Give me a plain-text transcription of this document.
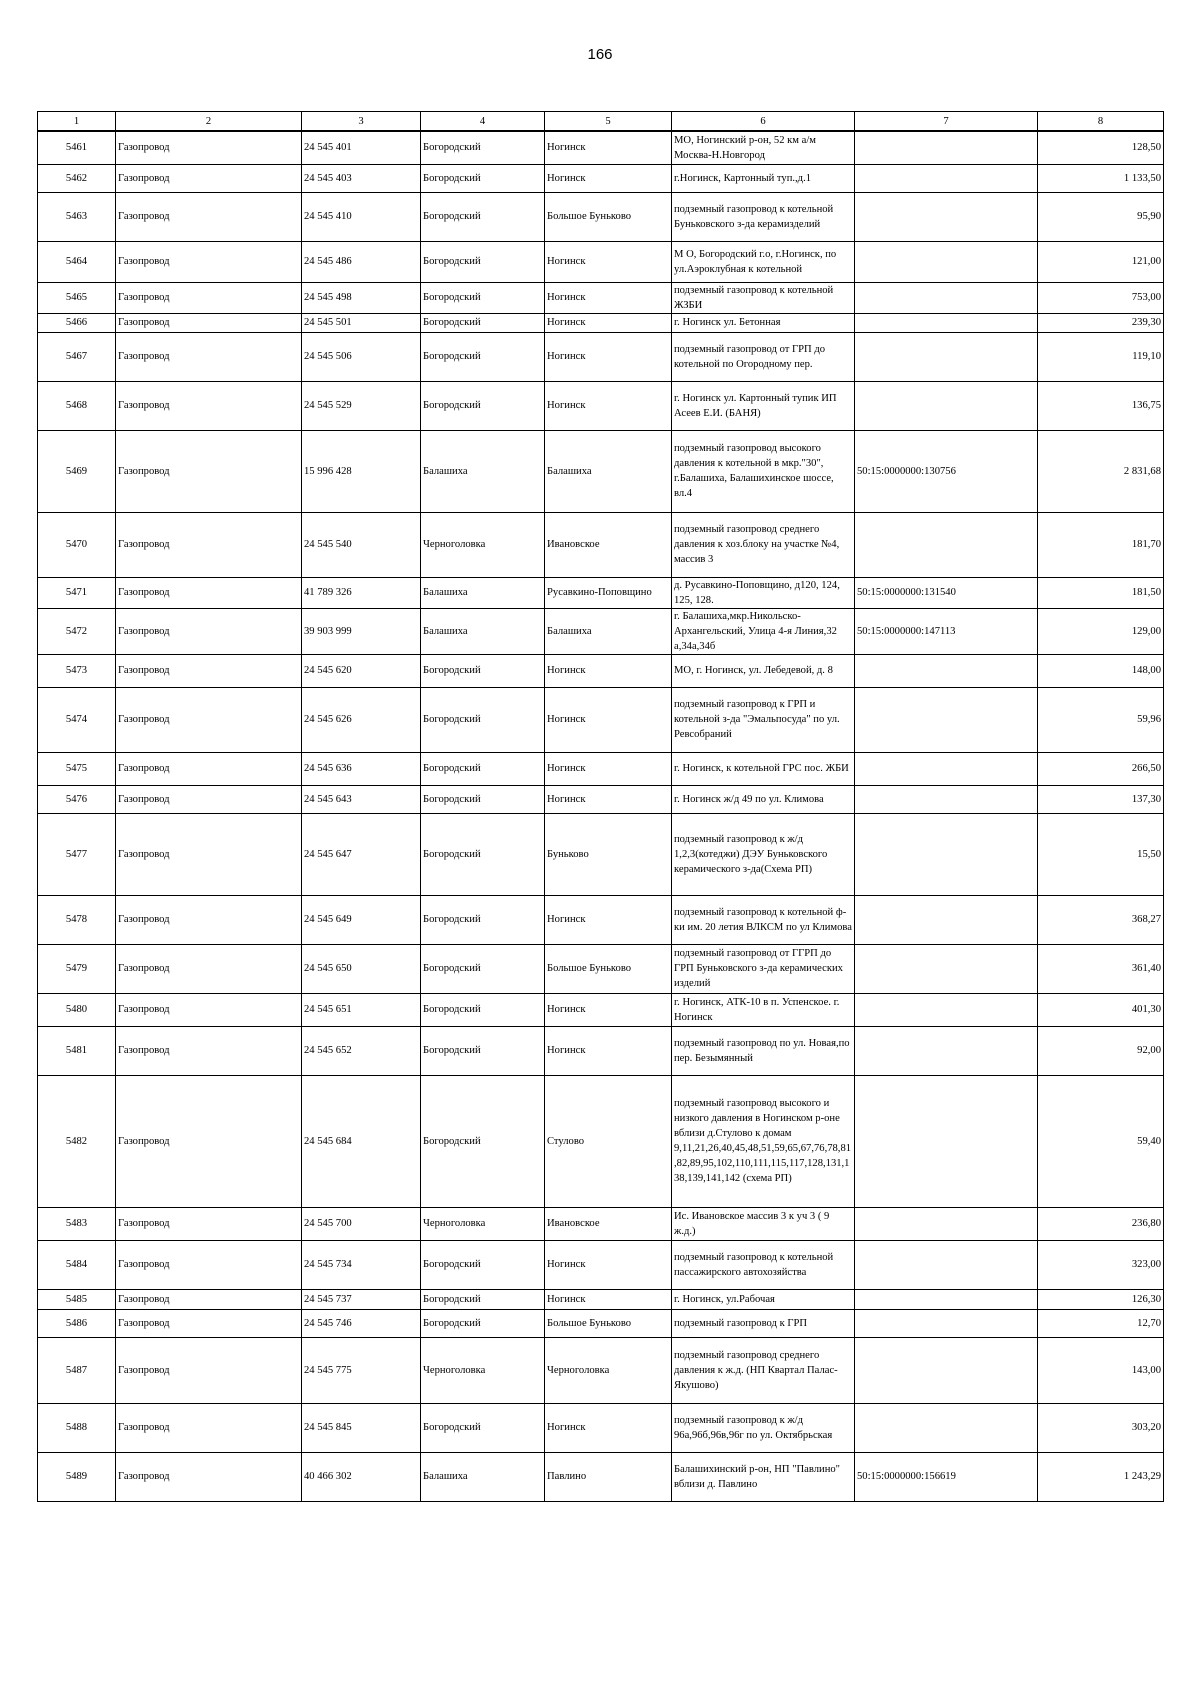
166
1	2	3	4	5	6	7	8
5461	Газопровод	24 545 401	Богородский	Ногинск	МО, Ногинский р-он, 52 км а/м Москва-Н.Новгород		128,50
5462	Газопровод	24 545 403	Богородский	Ногинск	г.Ногинск, Картонный туп.,д.1		1 133,50
5463	Газопровод	24 545 410	Богородский	Большое Буньково	подземный газопровод к котельной Буньковского з-да керамизделий		95,90
5464	Газопровод	24 545 486	Богородский	Ногинск	М О, Богородский г.о, г.Ногинск, по ул.Аэроклубная к котельной		121,00
5465	Газопровод	24 545 498	Богородский	Ногинск	подземный газопровод к котельной ЖЗБИ		753,00
5466	Газопровод	24 545 501	Богородский	Ногинск	г. Ногинск ул. Бетонная		239,30
5467	Газопровод	24 545 506	Богородский	Ногинск	подземный газопровод от ГРП до котельной по Огородному пер.		119,10
5468	Газопровод	24 545 529	Богородский	Ногинск	г. Ногинск ул. Картонный тупик ИП Асеев Е.И. (БАНЯ)		136,75
5469	Газопровод	15 996 428	Балашиха	Балашиха	подземный газопровод высокого давления к котельной в мкр."30", г.Балашиха, Балашихинское шоссе, вл.4	50:15:0000000:130756	2 831,68
5470	Газопровод	24 545 540	Черноголовка	Ивановское	подземный газопровод среднего давления к хоз.блоку на участке №4, массив 3		181,70
5471	Газопровод	41 789 326	Балашиха	Русавкино-Поповщино	д. Русавкино-Поповщино, д120, 124, 125, 128.	50:15:0000000:131540	181,50
5472	Газопровод	39 903 999	Балашиха	Балашиха	г. Балашиха,мкр.Никольско-Архангельский, Улица 4-я Линия,32 а,34а,34б	50:15:0000000:147113	129,00
5473	Газопровод	24 545 620	Богородский	Ногинск	МО, г. Ногинск, ул. Лебедевой, д. 8		148,00
5474	Газопровод	24 545 626	Богородский	Ногинск	подземный газопровод к ГРП и котельной з-да "Эмальпосуда" по ул. Ревсобраний		59,96
5475	Газопровод	24 545 636	Богородский	Ногинск	г. Ногинск, к котельной ГРС пос. ЖБИ		266,50
5476	Газопровод	24 545 643	Богородский	Ногинск	г. Ногинск ж/д 49 по ул. Климова		137,30
5477	Газопровод	24 545 647	Богородский	Буньково	подземный газопровод к ж/д 1,2,3(котеджи) ДЭУ Буньковского керамического з-да(Схема РП)		15,50
5478	Газопровод	24 545 649	Богородский	Ногинск	подземный газопровод к котельной ф-ки им. 20 летия ВЛКСМ по ул Климова		368,27
5479	Газопровод	24 545 650	Богородский	Большое Буньково	подземный газопровод от ГГРП до ГРП Буньковского з-да керамических изделий		361,40
5480	Газопровод	24 545 651	Богородский	Ногинск	г. Ногинск, АТК-10 в п. Успенское. г. Ногинск		401,30
5481	Газопровод	24 545 652	Богородский	Ногинск	подземный газопровод по ул. Новая,по пер. Безымянный		92,00
5482	Газопровод	24 545 684	Богородский	Стулово	подземный газопровод высокого и низкого давления в Ногинском р-оне вблизи д.Стулово к домам 9,11,21,26,40,45,48,51,59,65,67,76,78,81,82,89,95,102,110,111,115,117,128,131,138,139,141,142 (схема РП)		59,40
5483	Газопровод	24 545 700	Черноголовка	Ивановское	Ис. Ивановское массив 3 к уч 3 ( 9 ж.д.)		236,80
5484	Газопровод	24 545 734	Богородский	Ногинск	подземный газопровод к котельной пассажирского автохозяйства		323,00
5485	Газопровод	24 545 737	Богородский	Ногинск	г. Ногинск, ул.Рабочая		126,30
5486	Газопровод	24 545 746	Богородский	Большое Буньково	подземный газопровод к ГРП		12,70
5487	Газопровод	24 545 775	Черноголовка	Черноголовка	подземный газопровод среднего давления к ж.д. (НП Квартал Палас-Якушово)		143,00
5488	Газопровод	24 545 845	Богородский	Ногинск	подземный газопровод к ж/д 96а,96б,96в,96г по ул. Октябрьская		303,20
5489	Газопровод	40 466 302	Балашиха	Павлино	Балашихинский р-он, НП "Павлино" вблизи д. Павлино	50:15:0000000:156619	1 243,29
